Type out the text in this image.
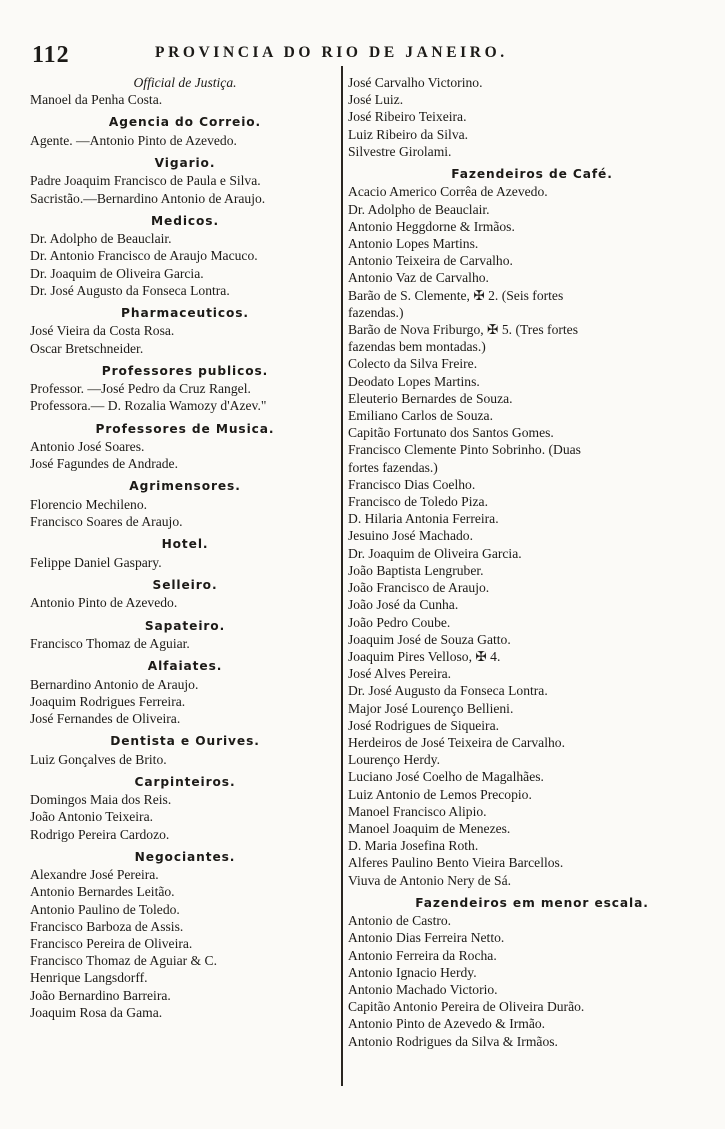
112	PROVINCIA DO RIO DE JANEIRO.
Official de Justiça.
Manoel da Penha Costa.
Agencia do Correio.
Agente. —Antonio Pinto de Azevedo.
Vigario.
Padre Joaquim Francisco de Paula e Silva.
Sacristão.—Bernardino Antonio de Araujo.
Medicos.
Dr. Adolpho de Beauclair.
Dr. Antonio Francisco de Araujo Macuco.
Dr. Joaquim de Oliveira Garcia.
Dr. José Augusto da Fonseca Lontra.
Pharmaceuticos.
José Vieira da Costa Rosa.
Oscar Bretschneider.
Professores publicos.
Professor. —José Pedro da Cruz Rangel.
Professora.— D. Rozalia Wamozy d'Azev."
Professores de Musica.
Antonio José Soares.
José Fagundes de Andrade.
Agrimensores.
Florencio Mechileno.
Francisco Soares de Araujo.
Hotel.
Felippe Daniel Gaspary.
Selleiro.
Antonio Pinto de Azevedo.
Sapateiro.
Francisco Thomaz de Aguiar.
Alfaiates.
Bernardino Antonio de Araujo.
Joaquim Rodrigues Ferreira.
José Fernandes de Oliveira.
Dentista e Ourives.
Luiz Gonçalves de Brito.
Carpinteiros.
Domingos Maia dos Reis.
João Antonio Teixeira.
Rodrigo Pereira Cardozo.
Negociantes.
Alexandre José Pereira.
Antonio Bernardes Leitão.
Antonio Paulino de Toledo.
Francisco Barboza de Assis.
Francisco Pereira de Oliveira.
Francisco Thomaz de Aguiar & C.
Henrique Langsdorff.
João Bernardino Barreira.
Joaquim Rosa da Gama.
José Carvalho Victorino.
José Luiz.
José Ribeiro Teixeira.
Luiz Ribeiro da Silva.
Silvestre Girolami.
Fazendeiros de Café.
Acacio Americo Corrêa de Azevedo.
Dr. Adolpho de Beauclair.
Antonio Heggdorne & Irmãos.
Antonio Lopes Martins.
Antonio Teixeira de Carvalho.
Antonio Vaz de Carvalho.
Barão de S. Clemente, ✠ 2. (Seis fortes
fazendas.)
Barão de Nova Friburgo, ✠ 5. (Tres fortes
fazendas bem montadas.)
Colecto da Silva Freire.
Deodato Lopes Martins.
Eleuterio Bernardes de Souza.
Emiliano Carlos de Souza.
Capitão Fortunato dos Santos Gomes.
Francisco Clemente Pinto Sobrinho. (Duas
fortes fazendas.)
Francisco Dias Coelho.
Francisco de Toledo Piza.
D. Hilaria Antonia Ferreira.
Jesuino José Machado.
Dr. Joaquim de Oliveira Garcia.
João Baptista Lengruber.
João Francisco de Araujo.
João José da Cunha.
João Pedro Coube.
Joaquim José de Souza Gatto.
Joaquim Pires Velloso, ✠ 4.
José Alves Pereira.
Dr. José Augusto da Fonseca Lontra.
Major José Lourenço Bellieni.
José Rodrigues de Siqueira.
Herdeiros de José Teixeira de Carvalho.
Lourenço Herdy.
Luciano José Coelho de Magalhães.
Luiz Antonio de Lemos Precopio.
Manoel Francisco Alipio.
Manoel Joaquim de Menezes.
D. Maria Josefina Roth.
Alferes Paulino Bento Vieira Barcellos.
Viuva de Antonio Nery de Sá.
Fazendeiros em menor escala.
Antonio de Castro.
Antonio Dias Ferreira Netto.
Antonio Ferreira da Rocha.
Antonio Ignacio Herdy.
Antonio Machado Victorio.
Capitão Antonio Pereira de Oliveira Durão.
Antonio Pinto de Azevedo & Irmão.
Antonio Rodrigues da Silva & Irmãos.
